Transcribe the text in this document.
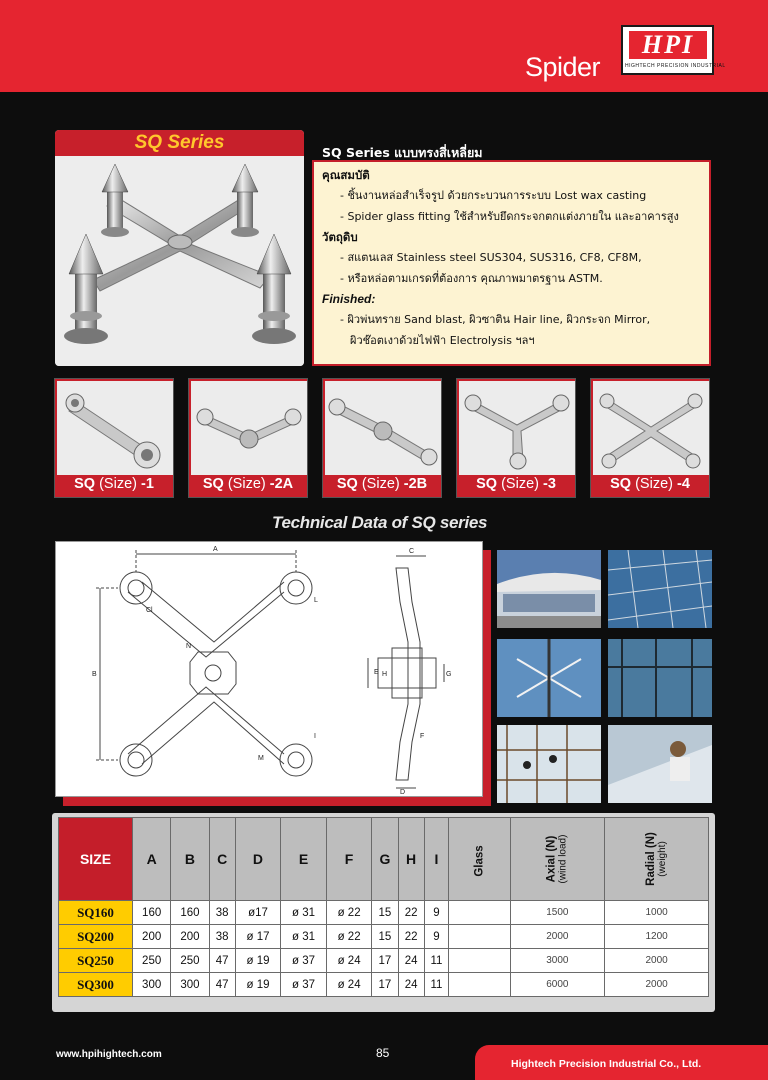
Spider
HPI
HIGHTECH PRECISION INDUSTRIAL
SQ Series	SQ Series แบบทรงสี่เหลี่ยม
คุณสมบัติ
- ชิ้นงานหล่อสำเร็จรูป ด้วยกระบวนการระบบ Lost wax casting
- Spider glass fitting ใช้สำหรับยึดกระจกตกแต่งภายใน และอาคารสูง
วัตถุดิบ
- สแตนเลส Stainless steel SUS304, SUS316, CF8, CF8M,
- หรือหล่อตามเกรดที่ต้องการ คุณภาพมาตรฐาน ASTM.
Finished:
- ผิวพ่นทราย Sand blast, ผิวซาติน Hair line, ผิวกระจก Mirror,
ผิวช๊อตเงาด้วยไฟฟ้า Electrolysis ฯลฯ
SQ (Size) -1	SQ (Size) -2A	SQ (Size) -2B	SQ (Size) -3	SQ (Size) -4
Technical Data of SQ series
A
B
C
D
E
F
G
H
I
L
M
N
Cl
SIZE	A	B	C	D	E	F	G	H	I	Glass	Axial (N) (wind load)	Radial (N) (weight)

SQ160	160	160	38	ø17	ø 31	ø 22	15	22	9		1500	1000
SQ200	200	200	38	ø 17	ø 31	ø 22	15	22	9		2000	1200
SQ250	250	250	47	ø 19	ø 37	ø 24	17	24	11		3000	2000
SQ300	300	300	47	ø 19	ø 37	ø 24	17	24	11		6000	2000
www.hpihightech.com	85
Hightech Precision Industrial Co., Ltd.
